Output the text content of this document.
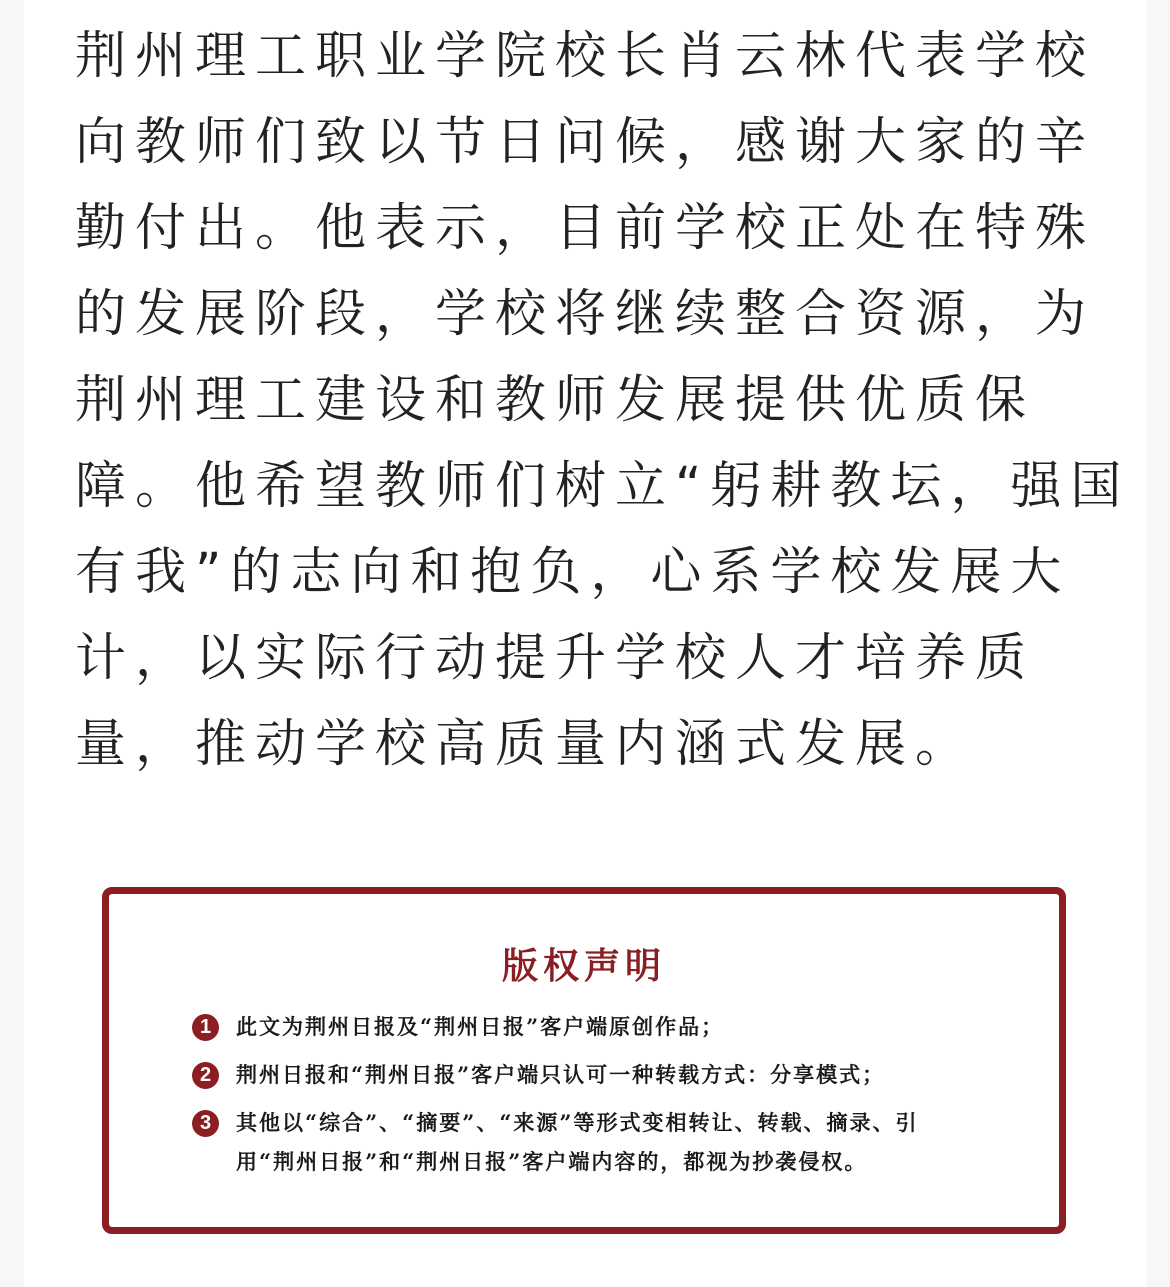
荆州理工职业学院校长肖云林代表学校
向教师们致以节日问候，感谢大家的辛
勤付出。他表示，目前学校正处在特殊
的发展阶段，学校将继续整合资源，为
荆州理工建设和教师发展提供优质保
障。他希望教师们树立“躬耕教坛，强国
有我”的志向和抱负，心系学校发展大
计，以实际行动提升学校人才培养质
量，推动学校高质量内涵式发展。
版权声明
1	此文为荆州日报及“荆州日报”客户端原创作品；
2	荆州日报和“荆州日报”客户端只认可一种转载方式：分享模式；
3	其他以“综合”、“摘要”、“来源”等形式变相转让、转载、摘录、引
用“荆州日报”和“荆州日报”客户端内容的，都视为抄袭侵权。
